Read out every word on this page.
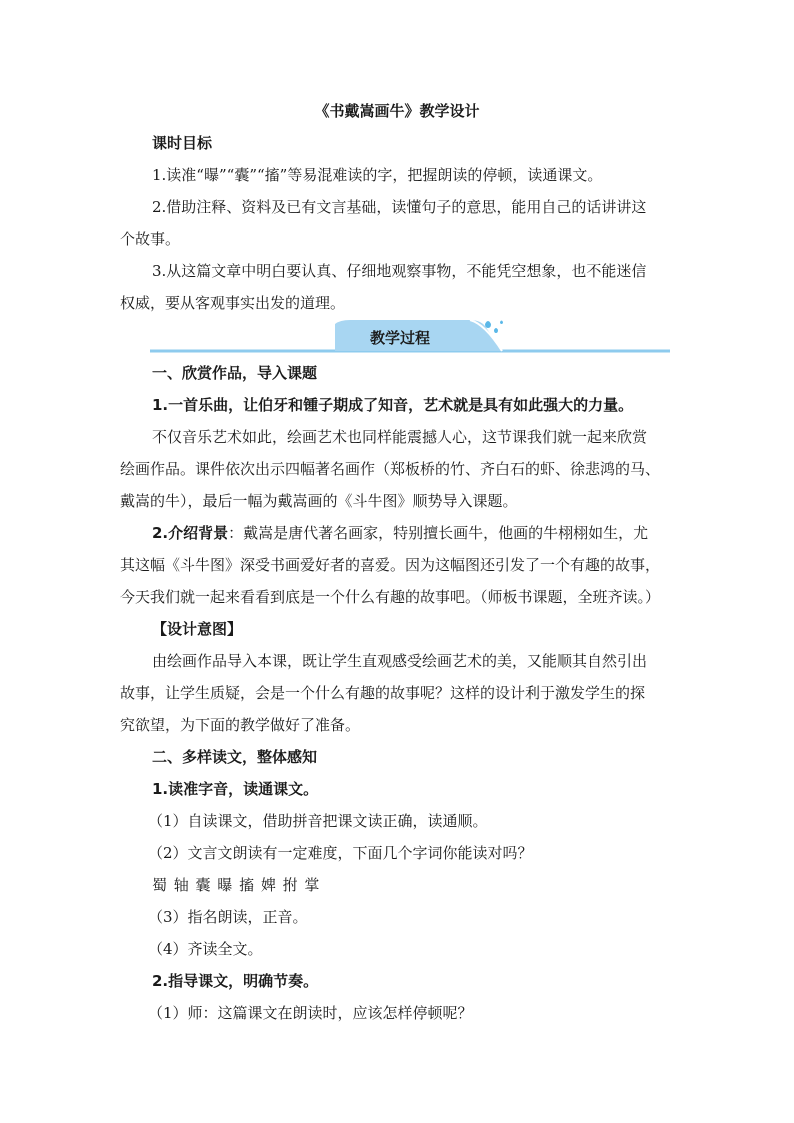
《书戴嵩画牛》教学设计
课时目标
1.读准“曝”“囊”“搐”等易混难读的字，把握朗读的停顿，读通课文。
2.借助注释、资料及已有文言基础，读懂句子的意思，能用自己的话讲讲这
个故事。
3.从这篇文章中明白要认真、仔细地观察事物，不能凭空想象，也不能迷信
权威，要从客观事实出发的道理。
教学过程
一、欣赏作品，导入课题
1.一首乐曲，让伯牙和锺子期成了知音，艺术就是具有如此强大的力量。
不仅音乐艺术如此，绘画艺术也同样能震撼人心，这节课我们就一起来欣赏
绘画作品。课件依次出示四幅著名画作（郑板桥的竹、齐白石的虾、徐悲鸿的马、
戴嵩的牛），最后一幅为戴嵩画的《斗牛图》顺势导入课题。
2.介绍背景：戴嵩是唐代著名画家，特别擅长画牛，他画的牛栩栩如生，尤
其这幅《斗牛图》深受书画爱好者的喜爱。因为这幅图还引发了一个有趣的故事，
今天我们就一起来看看到底是一个什么有趣的故事吧。（师板书课题，全班齐读。）
【设计意图】
由绘画作品导入本课，既让学生直观感受绘画艺术的美，又能顺其自然引出
故事，让学生质疑，会是一个什么有趣的故事呢？这样的设计利于激发学生的探
究欲望，为下面的教学做好了准备。
二、多样读文，整体感知
1.读准字音，读通课文。
（1）自读课文，借助拼音把课文读正确，读通顺。
（2）文言文朗读有一定难度，下面几个字词你能读对吗？
蜀 轴 囊 曝 搐 婢 拊 掌
（3）指名朗读，正音。
（4）齐读全文。
2.指导课文，明确节奏。
（1）师：这篇课文在朗读时，应该怎样停顿呢？
